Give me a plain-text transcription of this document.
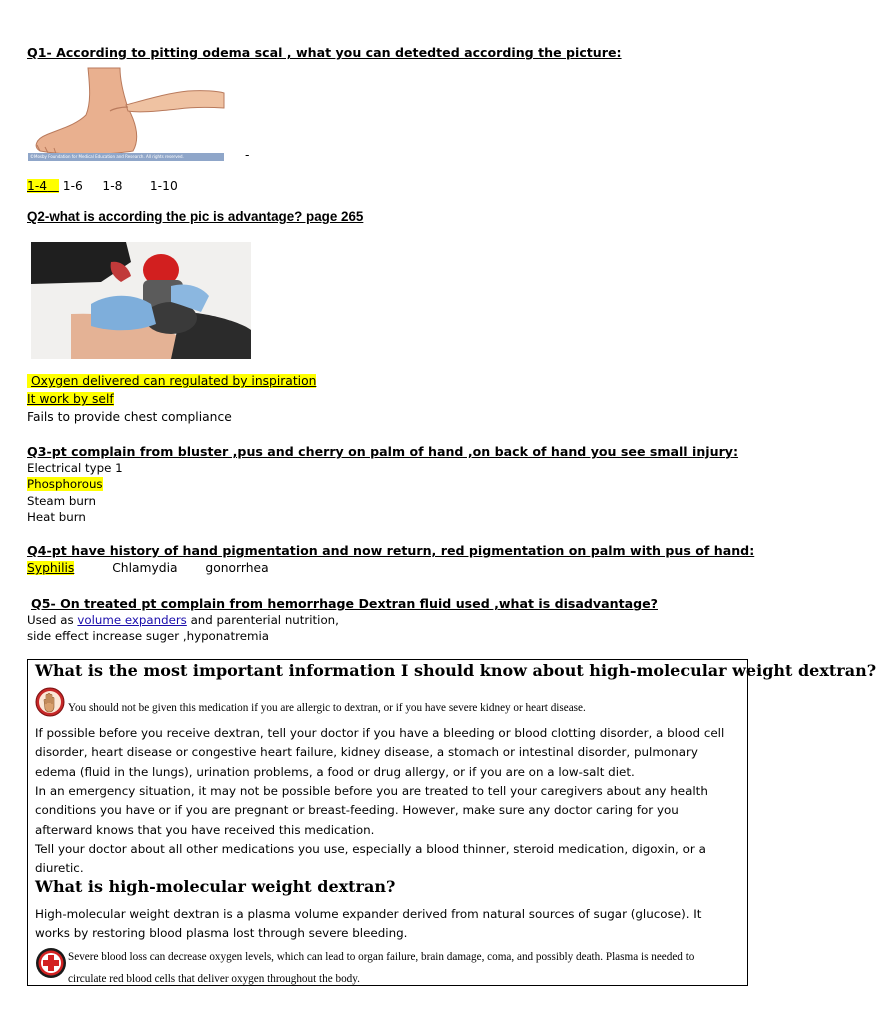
Q1- According to pitting odema scal , what you can detedted according the picture:
©Mosby Foundation for Medical Education and Research. All rights reserved.	-
1-4 1-6 1-8 1-10
Q2-what is according the pic is advantage? page 265
Oxygen delivered can regulated by inspiration
It work by self
Fails to provide chest compliance
Q3-pt complain from bluster ,pus and cherry on palm of hand ,on back of hand you see small injury:
Electrical type 1
Phosphorous
Steam burn
Heat burn
Q4-pt have history of hand pigmentation and now return, red pigmentation on palm with pus of hand:
Syphilis	Chlamydia gonorrhea
Q5- On treated pt complain from hemorrhage Dextran fluid used ,what is disadvantage?
Used as volume expanders and parenterial nutrition,
side effect increase suger ,hyponatremia
What is the most important information I should know about high-molecular weight dextran?
You should not be given this medication if you are allergic to dextran, or if you have severe kidney or heart disease.
If possible before you receive dextran, tell your doctor if you have a bleeding or blood clotting disorder, a blood cell disorder, heart disease or congestive heart failure, kidney disease, a stomach or intestinal disorder, pulmonary edema (fluid in the lungs), urination problems, a food or drug allergy, or if you are on a low-salt diet.
In an emergency situation, it may not be possible before you are treated to tell your caregivers about any health conditions you have or if you are pregnant or breast-feeding. However, make sure any doctor caring for you afterward knows that you have received this medication.
Tell your doctor about all other medications you use, especially a blood thinner, steroid medication, digoxin, or a diuretic.
What is high-molecular weight dextran?
High-molecular weight dextran is a plasma volume expander derived from natural sources of sugar (glucose). It works by restoring blood plasma lost through severe bleeding.
Severe blood loss can decrease oxygen levels, which can lead to organ failure, brain damage, coma, and possibly death. Plasma is needed to
circulate red blood cells that deliver oxygen throughout the body.
